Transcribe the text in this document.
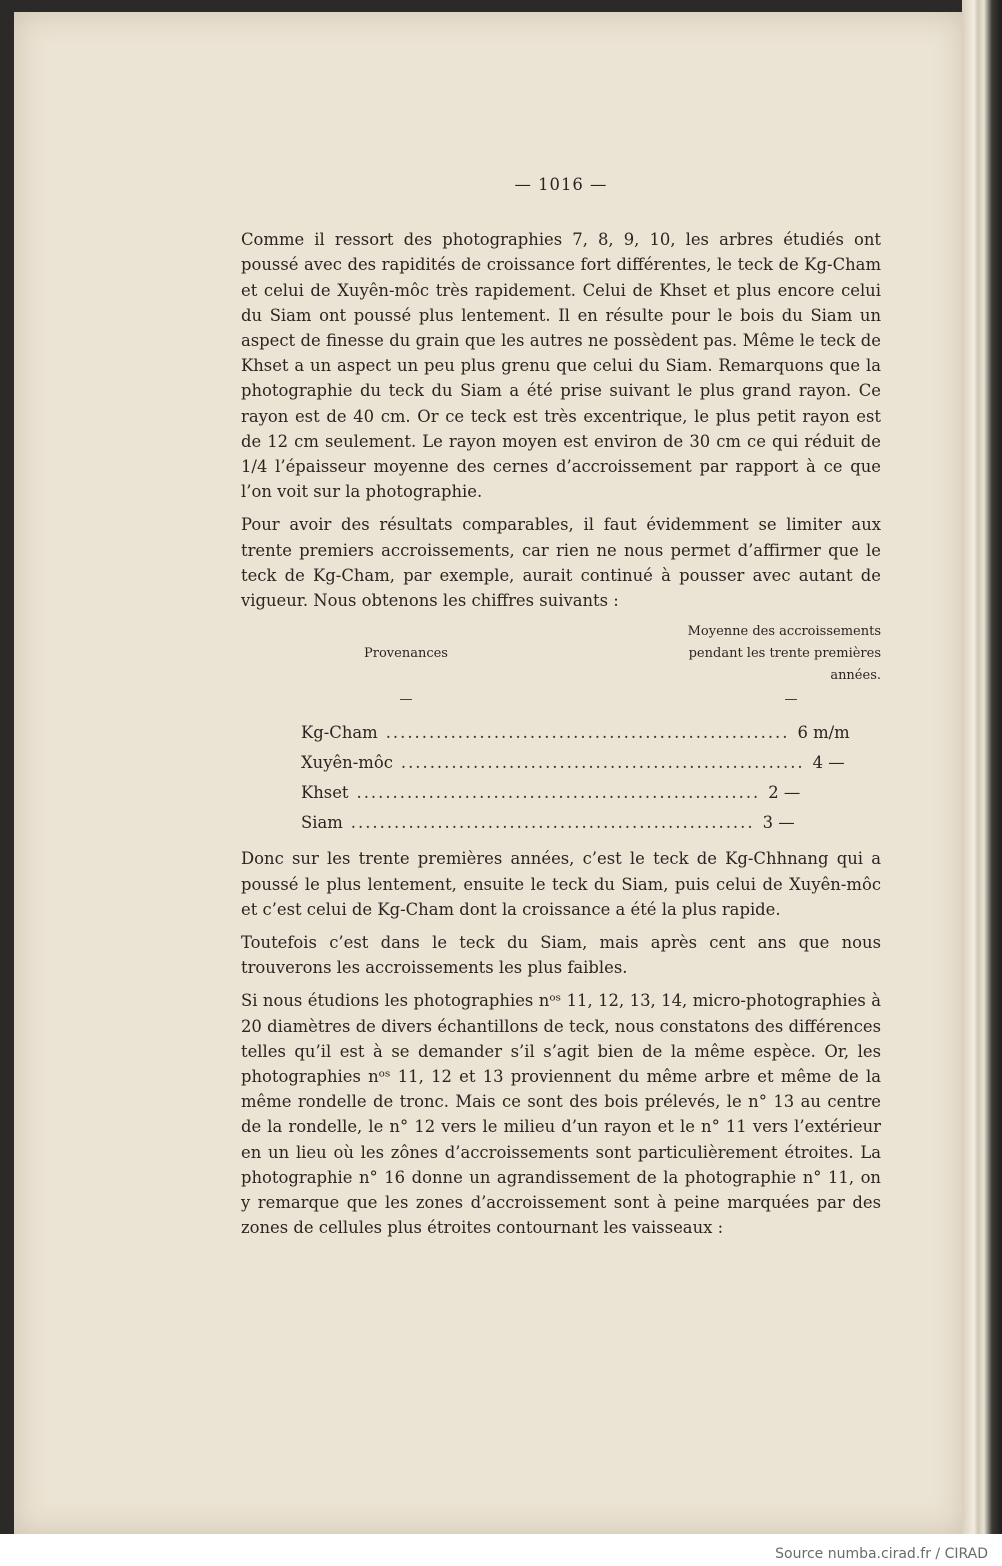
— 1016 —

Comme il ressort des photographies 7, 8, 9, 10, les arbres étudiés ont poussé avec des rapidités de croissance fort différentes, le teck de Kg-Cham et celui de Xuyên-môc très rapidement. Celui de Khset et plus encore celui du Siam ont poussé plus lentement. Il en résulte pour le bois du Siam un aspect de finesse du grain que les autres ne possèdent pas. Même le teck de Khset a un aspect un peu plus grenu que celui du Siam. Remarquons que la photographie du teck du Siam a été prise suivant le plus grand rayon. Ce rayon est de 40 cm. Or ce teck est très excentrique, le plus petit rayon est de 12 cm seulement. Le rayon moyen est environ de 30 cm ce qui réduit de 1/4 l’épaisseur moyenne des cernes d’accroissement par rapport à ce que l’on voit sur la photographie.

Pour avoir des résultats comparables, il faut évidemment se limiter aux trente premiers accroissements, car rien ne nous permet d’affirmer que le teck de Kg-Cham, par exemple, aurait continué à pousser avec autant de vigueur. Nous obtenons les chiffres suivants :

Provenances
Moyenne des accroissements pendant les trente premières années.
—	—
Kg-Cham ........................................................ 6 m/m
Xuyên-môc ........................................................ 4 —
Khset ........................................................ 2 —
Siam ........................................................ 3 —

Donc sur les trente premières années, c’est le teck de Kg-Chhnang qui a poussé le plus lentement, ensuite le teck du Siam, puis celui de Xuyên-môc et c’est celui de Kg-Cham dont la croissance a été la plus rapide.

Toutefois c’est dans le teck du Siam, mais après cent ans que nous trouverons les accroissements les plus faibles.

Si nous étudions les photographies nᵒˢ 11, 12, 13, 14, micro-photographies à 20 diamètres de divers échantillons de teck, nous constatons des différences telles qu’il est à se demander s’il s’agit bien de la même espèce. Or, les photographies nᵒˢ 11, 12 et 13 proviennent du même arbre et même de la même rondelle de tronc. Mais ce sont des bois prélevés, le n° 13 au centre de la rondelle, le n° 12 vers le milieu d’un rayon et le n° 11 vers l’extérieur en un lieu où les zônes d’accroissements sont particulièrement étroites. La photographie n° 16 donne un agrandissement de la photographie n° 11, on y remarque que les zones d’accroissement sont à peine marquées par des zones de cellules plus étroites contournant les vaisseaux :

Source numba.cirad.fr / CIRAD
